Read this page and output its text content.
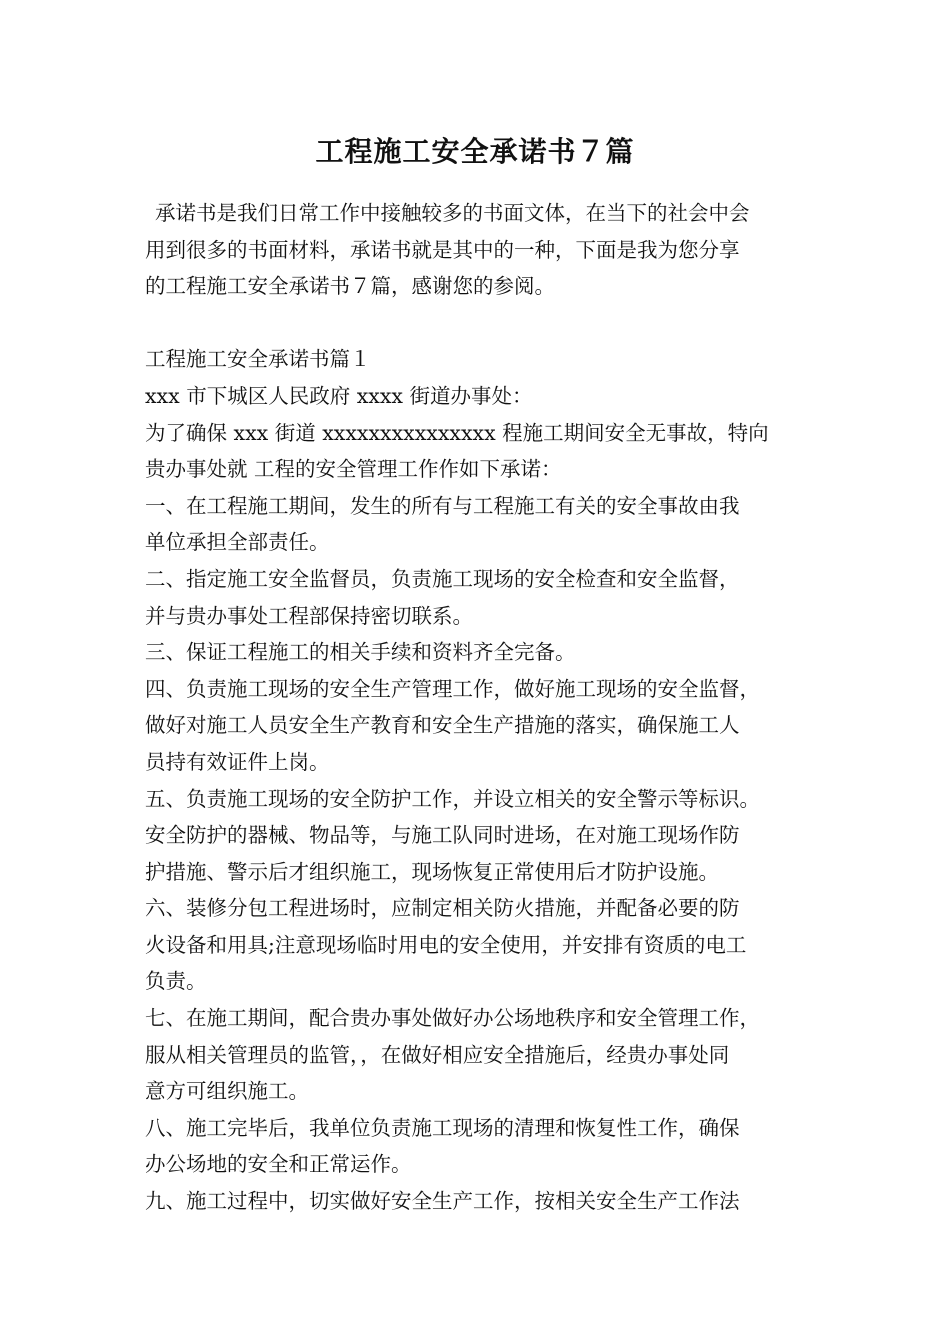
工程施工安全承诺书７篇
承诺书是我们日常工作中接触较多的书面文体，在当下的社会中会
用到很多的书面材料，承诺书就是其中的一种，下面是我为您分享
的工程施工安全承诺书７篇，感谢您的参阅。
工程施工安全承诺书篇１
xxx 市下城区人民政府 xxxx 街道办事处：
为了确保 xxx 街道 xxxxxxxxxxxxxxx 程施工期间安全无事故，特向
贵办事处就 工程的安全管理工作作如下承诺：
一、在工程施工期间，发生的所有与工程施工有关的安全事故由我
单位承担全部责任。
二、指定施工安全监督员，负责施工现场的安全检查和安全监督，
并与贵办事处工程部保持密切联系。
三、保证工程施工的相关手续和资料齐全完备。
四、负责施工现场的安全生产管理工作，做好施工现场的安全监督，
做好对施工人员安全生产教育和安全生产措施的落实，确保施工人
员持有效证件上岗。
五、负责施工现场的安全防护工作，并设立相关的安全警示等标识。
安全防护的器械、物品等，与施工队同时进场，在对施工现场作防
护措施、警示后才组织施工，现场恢复正常使用后才防护设施。
六、装修分包工程进场时，应制定相关防火措施，并配备必要的防
火设备和用具;注意现场临时用电的安全使用，并安排有资质的电工
负责。
七、在施工期间，配合贵办事处做好办公场地秩序和安全管理工作，
服从相关管理员的监管，，在做好相应安全措施后，经贵办事处同
意方可组织施工。
八、施工完毕后，我单位负责施工现场的清理和恢复性工作，确保
办公场地的安全和正常运作。
九、施工过程中，切实做好安全生产工作，按相关安全生产工作法
